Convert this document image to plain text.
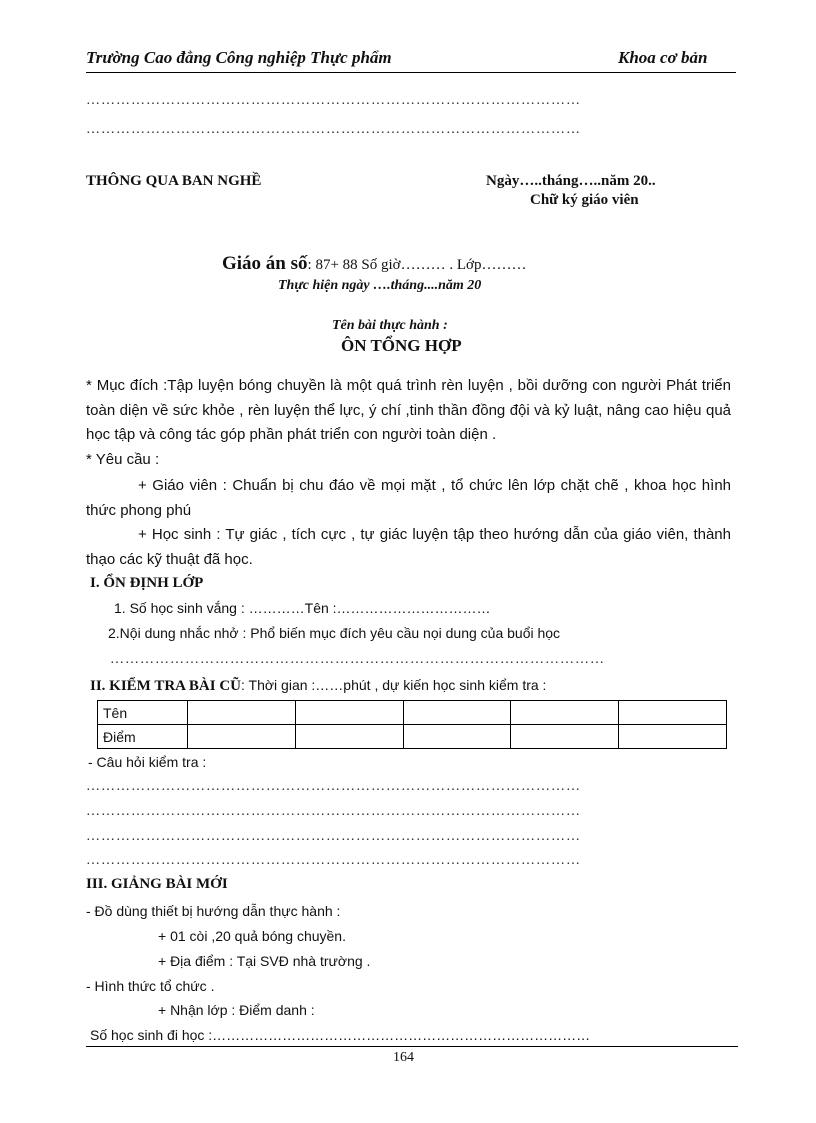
Trường Cao đẳng Công nghiệp Thực phẩm	Khoa cơ bản
………………………………………………………………………………………
………………………………………………………………………………………
THÔNG QUA BAN NGHỀ	Ngày…..tháng…..năm 20..
Chữ ký giáo viên
Giáo án số: 87+ 88 Số giờ……… . Lớp………
Thực hiện ngày ….tháng....năm 20
Tên bài thực hành :
ÔN TỔNG HỢP
* Mục đích :Tập luyện bóng chuyền là một quá trình rèn luyện , bồi dưỡng con người Phát triển toàn diện về sức khỏe , rèn luyện thể lực, ý chí ,tinh thần đồng đội và kỷ luật, nâng cao hiệu quả học tập và công tác góp phần phát triển con người toàn diện .
* Yêu cầu :
+ Giáo viên : Chuẩn bị chu đáo về mọi mặt , tổ chức lên lớp chặt chẽ , khoa học hình thức phong phú
+ Học sinh : Tự giác , tích cực , tự giác luyện tập theo hướng dẫn của giáo viên, thành thạo các kỹ thuật đã học.
I. ỔN ĐỊNH LỚP
1. Số học sinh vắng : …………Tên :……………………………
2.Nội dung nhắc nhở : Phổ biến mục đích yêu cầu nọi dung của buổi học
………………………………………………………………………………………
II. KIỂM TRA BÀI CŨ: Thời gian :……phút , dự kiến học sinh kiểm tra :
Tên					
Điểm					
- Câu hỏi kiểm tra :
………………………………………………………………………………………
………………………………………………………………………………………
………………………………………………………………………………………
………………………………………………………………………………………
III. GIẢNG BÀI MỚI
- Đồ dùng thiết bị hướng dẫn thực hành :
+ 01 còi ,20 quả bóng chuyền.
+ Địa điểm : Tại SVĐ nhà trường .
- Hình thức tổ chức .
+ Nhận lớp : Điểm danh :
Số học sinh đi học :………………………………………………………………………
164
